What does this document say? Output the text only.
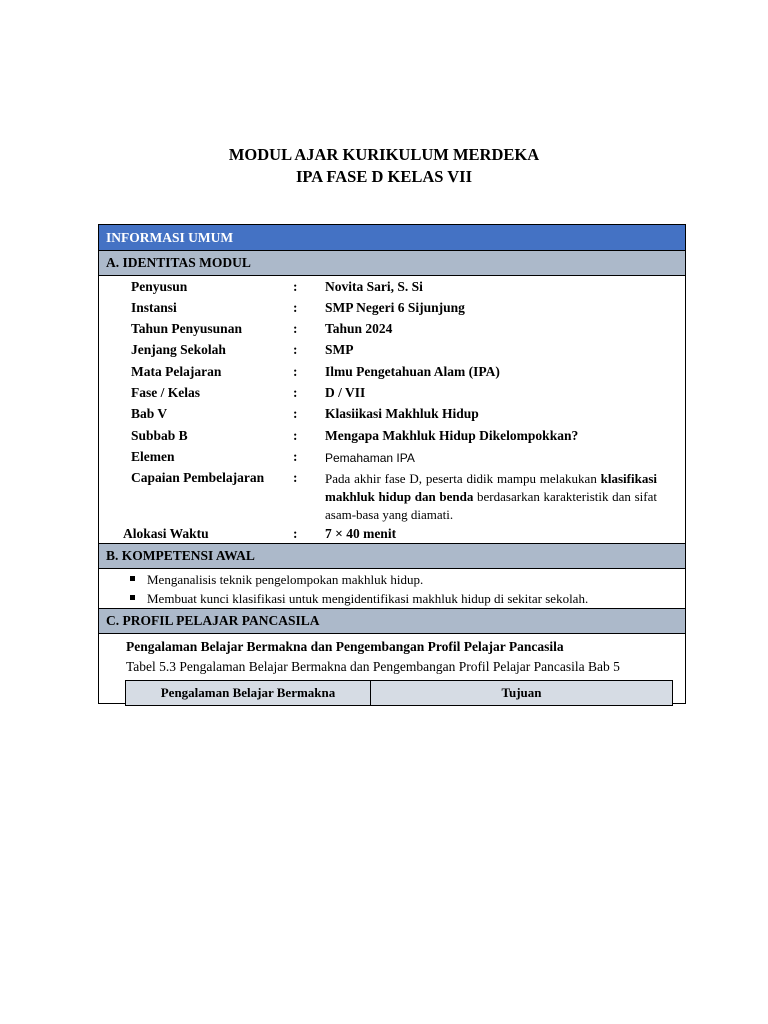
MODUL AJAR KURIKULUM MERDEKA
IPA FASE D KELAS VII
INFORMASI UMUM
A. IDENTITAS MODUL
Penyusun	: Novita Sari, S. Si
Instansi	: SMP Negeri 6 Sijunjung
Tahun Penyusunan	: Tahun 2024
Jenjang Sekolah	: SMP
Mata Pelajaran	: Ilmu Pengetahuan Alam (IPA)
Fase / Kelas	: D / VII
Bab V	: Klasiikasi Makhluk Hidup
Subbab B	: Mengapa Makhluk Hidup Dikelompokkan?
Elemen	: Pemahaman IPA
Capaian Pembelajaran : Pada akhir fase D, peserta didik mampu melakukan klasifikasi makhluk hidup dan benda berdasarkan karakteristik dan sifat asam-basa yang diamati.
Alokasi Waktu	: 7 × 40 menit
B. KOMPETENSI AWAL
Menganalisis teknik pengelompokan makhluk hidup.
Membuat kunci klasifikasi untuk mengidentifikasi makhluk hidup di sekitar sekolah.
C. PROFIL PELAJAR PANCASILA
Pengalaman Belajar Bermakna dan Pengembangan Profil Pelajar Pancasila
Tabel 5.3 Pengalaman Belajar Bermakna dan Pengembangan Profil Pelajar Pancasila Bab 5
Pengalaman Belajar Bermakna	Tujuan
